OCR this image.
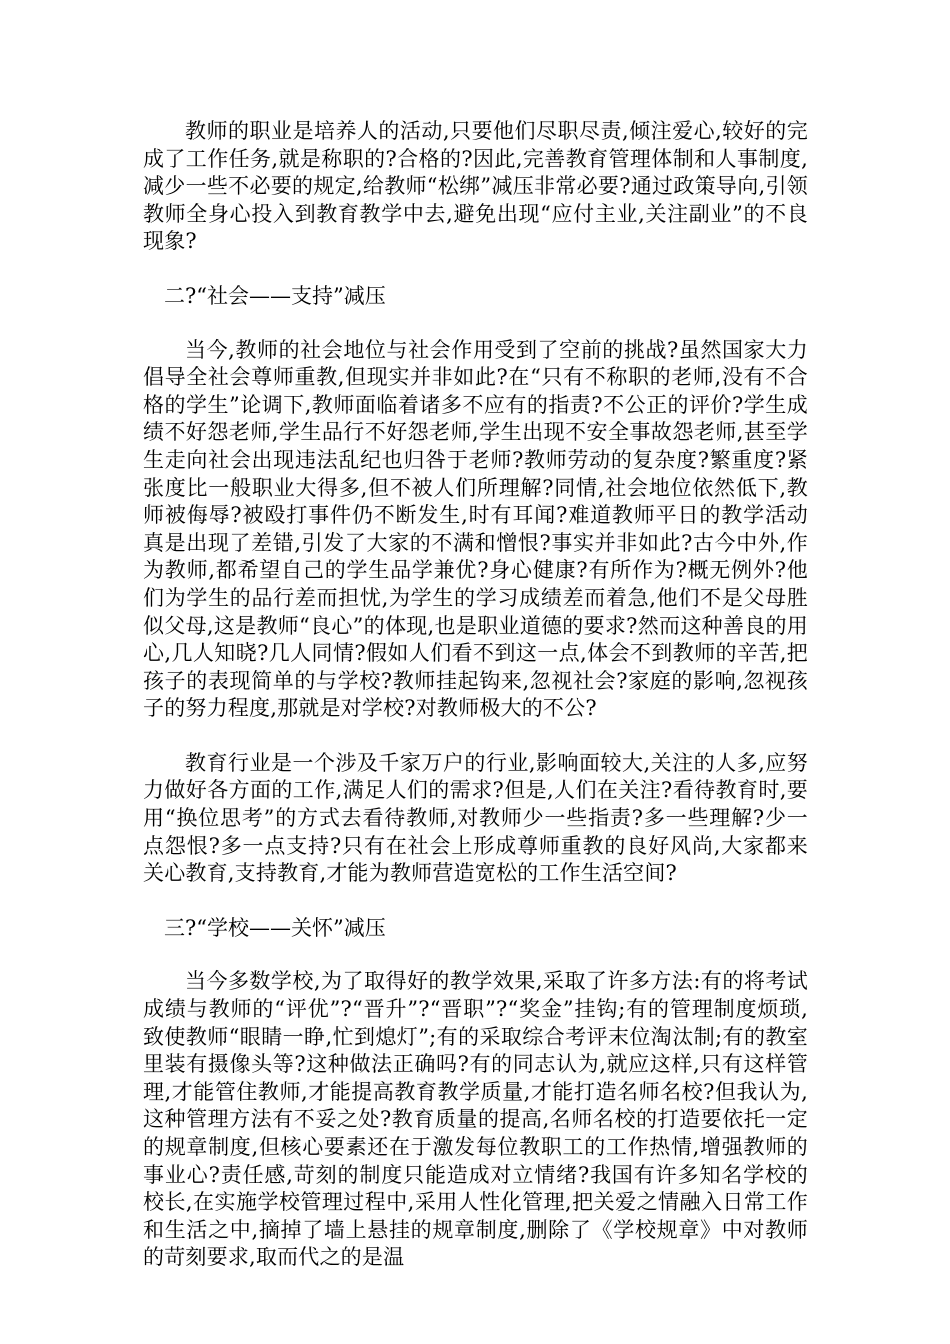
教师的职业是培养人的活动,只要他们尽职尽责,倾注爱心,较好的完成了工作任务,就是称职的?合格的?因此,完善教育管理体制和人事制度,减少一些不必要的规定,给教师“松绑”减压非常必要?通过政策导向,引领教师全身心投入到教育教学中去,避免出现“应付主业,关注副业”的不良现象?

二?“社会——支持”减压

当今,教师的社会地位与社会作用受到了空前的挑战?虽然国家大力倡导全社会尊师重教,但现实并非如此?在“只有不称职的老师,没有不合格的学生”论调下,教师面临着诸多不应有的指责?不公正的评价?学生成绩不好怨老师,学生品行不好怨老师,学生出现不安全事故怨老师,甚至学生走向社会出现违法乱纪也归咎于老师?教师劳动的复杂度?繁重度?紧张度比一般职业大得多,但不被人们所理解?同情,社会地位依然低下,教师被侮辱?被殴打事件仍不断发生,时有耳闻?难道教师平日的教学活动真是出现了差错,引发了大家的不满和憎恨?事实并非如此?古今中外,作为教师,都希望自己的学生品学兼优?身心健康?有所作为?概无例外?他们为学生的品行差而担忧,为学生的学习成绩差而着急,他们不是父母胜似父母,这是教师“良心”的体现,也是职业道德的要求?然而这种善良的用心,几人知晓?几人同情?假如人们看不到这一点,体会不到教师的辛苦,把孩子的表现简单的与学校?教师挂起钩来,忽视社会?家庭的影响,忽视孩子的努力程度,那就是对学校?对教师极大的不公?

教育行业是一个涉及千家万户的行业,影响面较大,关注的人多,应努力做好各方面的工作,满足人们的需求?但是,人们在关注?看待教育时,要用“换位思考”的方式去看待教师,对教师少一些指责?多一些理解?少一点怨恨?多一点支持?只有在社会上形成尊师重教的良好风尚,大家都来关心教育,支持教育,才能为教师营造宽松的工作生活空间?

三?“学校——关怀”减压

当今多数学校,为了取得好的教学效果,采取了许多方法:有的将考试成绩与教师的“评优”?“晋升”?“晋职”?“奖金”挂钩;有的管理制度烦琐,致使教师“眼睛一睁,忙到熄灯”;有的采取综合考评末位淘汰制;有的教室里装有摄像头等?这种做法正确吗?有的同志认为,就应这样,只有这样管理,才能管住教师,才能提高教育教学质量,才能打造名师名校?但我认为,这种管理方法有不妥之处?教育质量的提高,名师名校的打造要依托一定的规章制度,但核心要素还在于激发每位教职工的工作热情,增强教师的事业心?责任感,苛刻的制度只能造成对立情绪?我国有许多知名学校的校长,在实施学校管理过程中,采用人性化管理,把关爱之情融入日常工作和生活之中,摘掉了墙上悬挂的规章制度,删除了《学校规章》中对教师的苛刻要求,取而代之的是温
